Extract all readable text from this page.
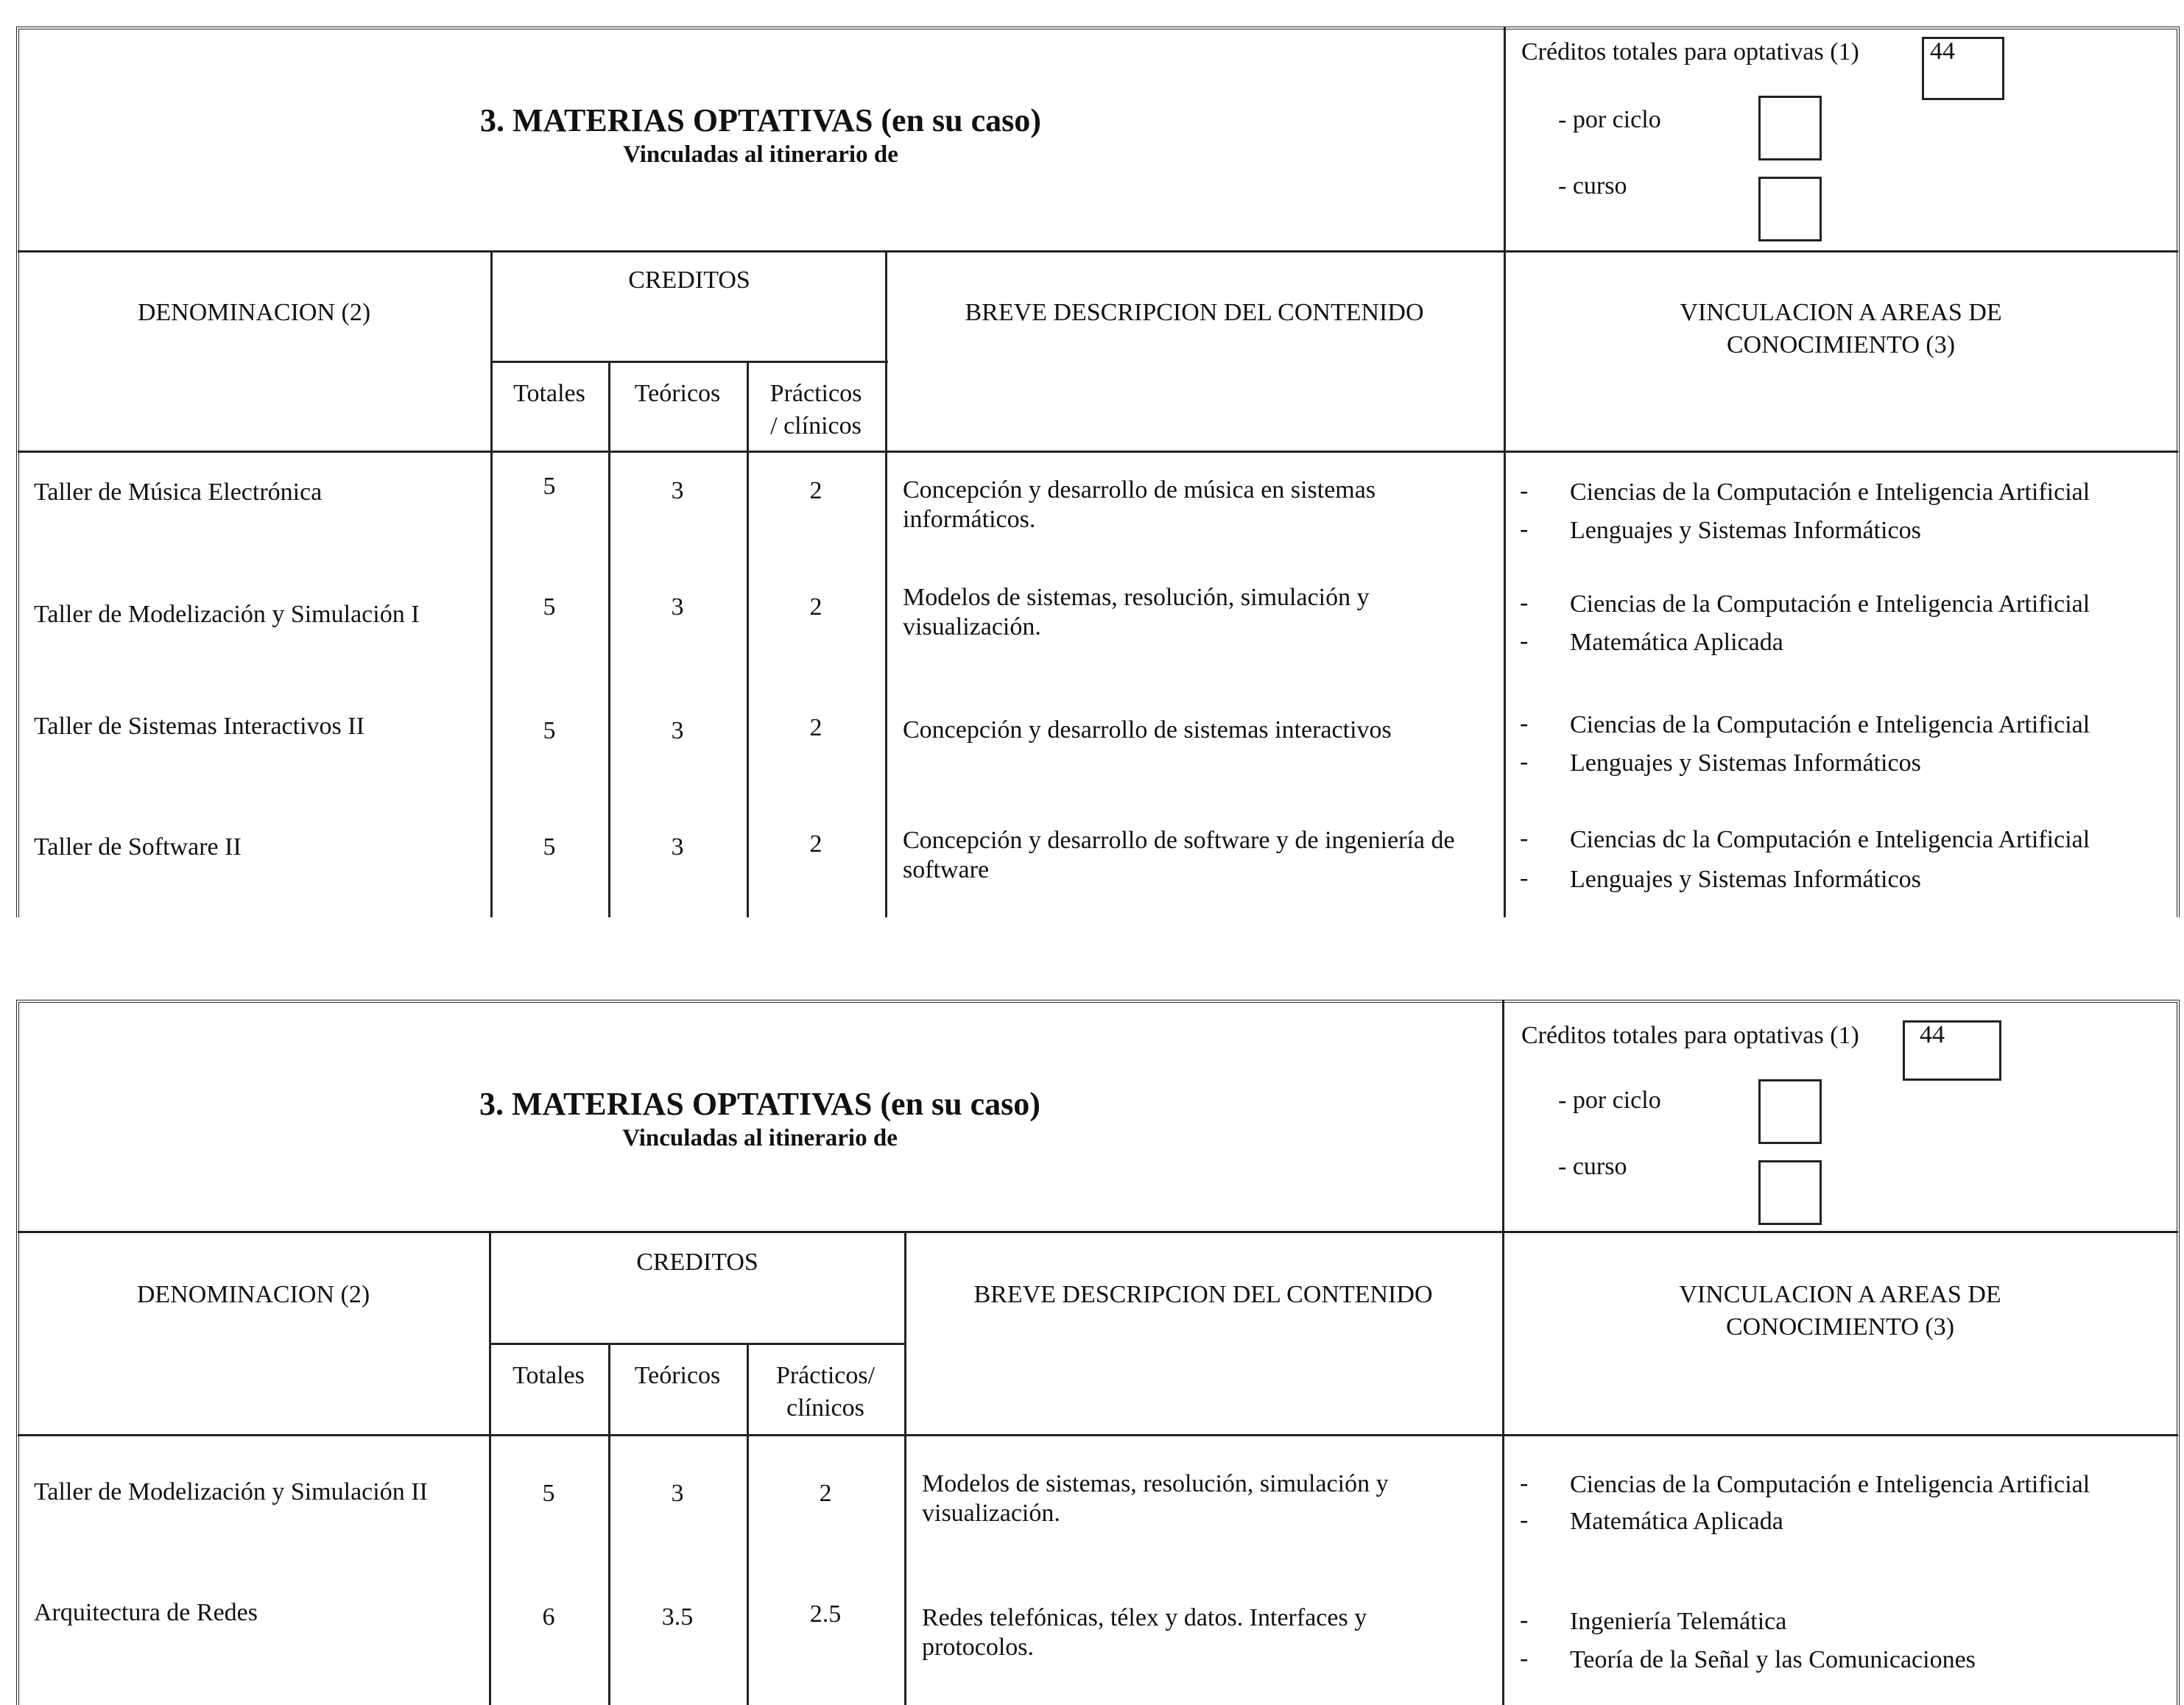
3. MATERIAS OPTATIVAS (en su caso)
Vinculadas al itinerario de
Créditos totales para optativas (1)	44
- por ciclo
- curso
DENOMINACION (2)
CREDITOS
Totales	Teóricos	Prácticos
/ clínicos
BREVE DESCRIPCION DEL CONTENIDO	VINCULACION A AREAS DE
CONOCIMIENTO (3)
Taller de Música Electrónica	5	3	2	Concepción y desarrollo de música en sistemas informáticos.
- Ciencias de la Computación e Inteligencia Artificial
- Lenguajes y Sistemas Informáticos
Taller de Modelización y Simulación I	5	3	2	Modelos de sistemas, resolución, simulación y visualización.
- Ciencias de la Computación e Inteligencia Artificial
- Matemática Aplicada
Taller de Sistemas Interactivos II	5	3	2	Concepción y desarrollo de sistemas interactivos	- Ciencias de la Computación e Inteligencia Artificial
- Lenguajes y Sistemas Informáticos
Taller de Software II	5	3	2	Concepción y desarrollo de software y de ingeniería de software
- Ciencias dc la Computación e Inteligencia Artificial
- Lenguajes y Sistemas Informáticos
3. MATERIAS OPTATIVAS (en su caso)
Vinculadas al itinerario de
Créditos totales para optativas (1) 44
- por ciclo
- curso
DENOMINACION (2)
CREDITOS
Totales	Teóricos	Prácticos/
clínicos
BREVE DESCRIPCION DEL CONTENIDO	VINCULACION A AREAS DE
CONOCIMIENTO (3)
Taller de Modelización y Simulación II	5	3	2	Modelos de sistemas, resolución, simulación y visualización.
- Ciencias de la Computación e Inteligencia Artificial
- Matemática Aplicada
Arquitectura de Redes	6	3.5	2.5	Redes telefónicas, télex y datos. Interfaces y protocolos.
- Ingeniería Telemática
- Teoría de la Señal y las Comunicaciones
